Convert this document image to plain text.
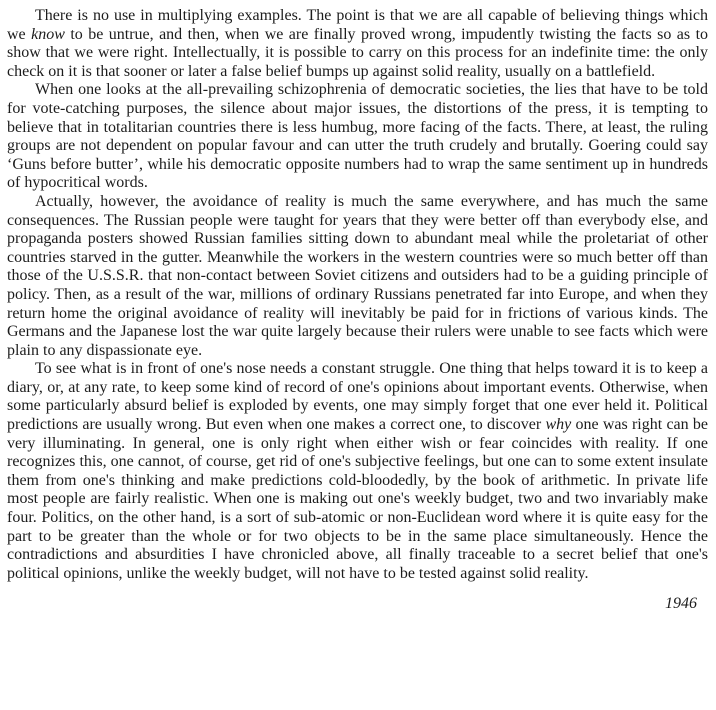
There is no use in multiplying examples. The point is that we are all capable of believing things which we know to be untrue, and then, when we are finally proved wrong, impudently twisting the facts so as to show that we were right. Intellectually, it is possible to carry on this process for an indefinite time: the only check on it is that sooner or later a false belief bumps up against solid reality, usually on a battlefield.

When one looks at the all-prevailing schizophrenia of democratic societies, the lies that have to be told for vote-catching purposes, the silence about major issues, the distortions of the press, it is tempting to believe that in totalitarian countries there is less humbug, more facing of the facts. There, at least, the ruling groups are not dependent on popular favour and can utter the truth crudely and brutally. Goering could say ‘Guns before butter’, while his democratic opposite numbers had to wrap the same sentiment up in hundreds of hypocritical words.

Actually, however, the avoidance of reality is much the same everywhere, and has much the same consequences. The Russian people were taught for years that they were better off than everybody else, and propaganda posters showed Russian families sitting down to abundant meal while the proletariat of other countries starved in the gutter. Meanwhile the workers in the western countries were so much better off than those of the U.S.S.R. that non-contact between Soviet citizens and outsiders had to be a guiding principle of policy. Then, as a result of the war, millions of ordinary Russians penetrated far into Europe, and when they return home the original avoidance of reality will inevitably be paid for in frictions of various kinds. The Germans and the Japanese lost the war quite largely because their rulers were unable to see facts which were plain to any dispassionate eye.

To see what is in front of one's nose needs a constant struggle. One thing that helps toward it is to keep a diary, or, at any rate, to keep some kind of record of one's opinions about important events. Otherwise, when some particularly absurd belief is exploded by events, one may simply forget that one ever held it. Political predictions are usually wrong. But even when one makes a correct one, to discover why one was right can be very illuminating. In general, one is only right when either wish or fear coincides with reality. If one recognizes this, one cannot, of course, get rid of one's subjective feelings, but one can to some extent insulate them from one's thinking and make predictions cold-bloodedly, by the book of arithmetic. In private life most people are fairly realistic. When one is making out one's weekly budget, two and two invariably make four. Politics, on the other hand, is a sort of sub-atomic or non-Euclidean word where it is quite easy for the part to be greater than the whole or for two objects to be in the same place simultaneously. Hence the contradictions and absurdities I have chronicled above, all finally traceable to a secret belief that one's political opinions, unlike the weekly budget, will not have to be tested against solid reality.

1946
